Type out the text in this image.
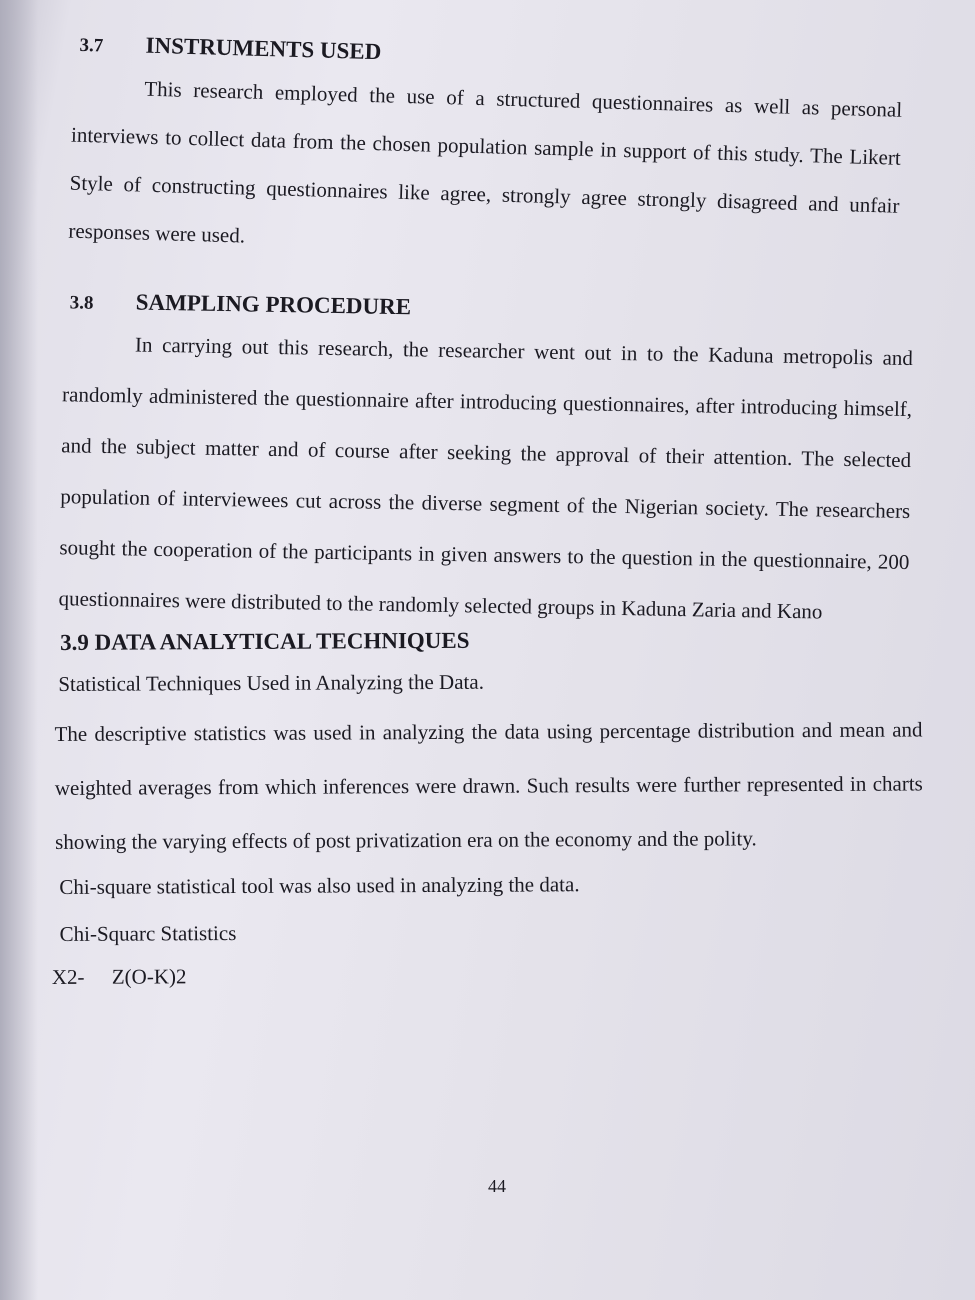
3.7	INSTRUMENTS USED

This research employed the use of a structured questionnaires as well as personal interviews to collect data from the chosen population sample in support of this study. The Likert Style of constructing questionnaires like agree, strongly agree strongly disagreed and unfair responses were used.

3.8	SAMPLING PROCEDURE

In carrying out this research, the researcher went out in to the Kaduna metropolis and randomly administered the questionnaire after introducing questionnaires, after introducing himself, and the subject matter and of course after seeking the approval of their attention. The selected population of interviewees cut across the diverse segment of the Nigerian society. The researchers sought the cooperation of the participants in given answers to the question in the questionnaire, 200 questionnaires were distributed to the randomly selected groups in Kaduna Zaria and Kano

3.9 DATA ANALYTICAL TECHNIQUES

Statistical Techniques Used in Analyzing the Data.

The descriptive statistics was used in analyzing the data using percentage distribution and mean and weighted averages from which inferences were drawn. Such results were further represented in charts showing the varying effects of post privatization era on the economy and the polity.

Chi-square statistical tool was also used in analyzing the data.

Chi-Squarc Statistics

X2-	Z(O-K)2
44
